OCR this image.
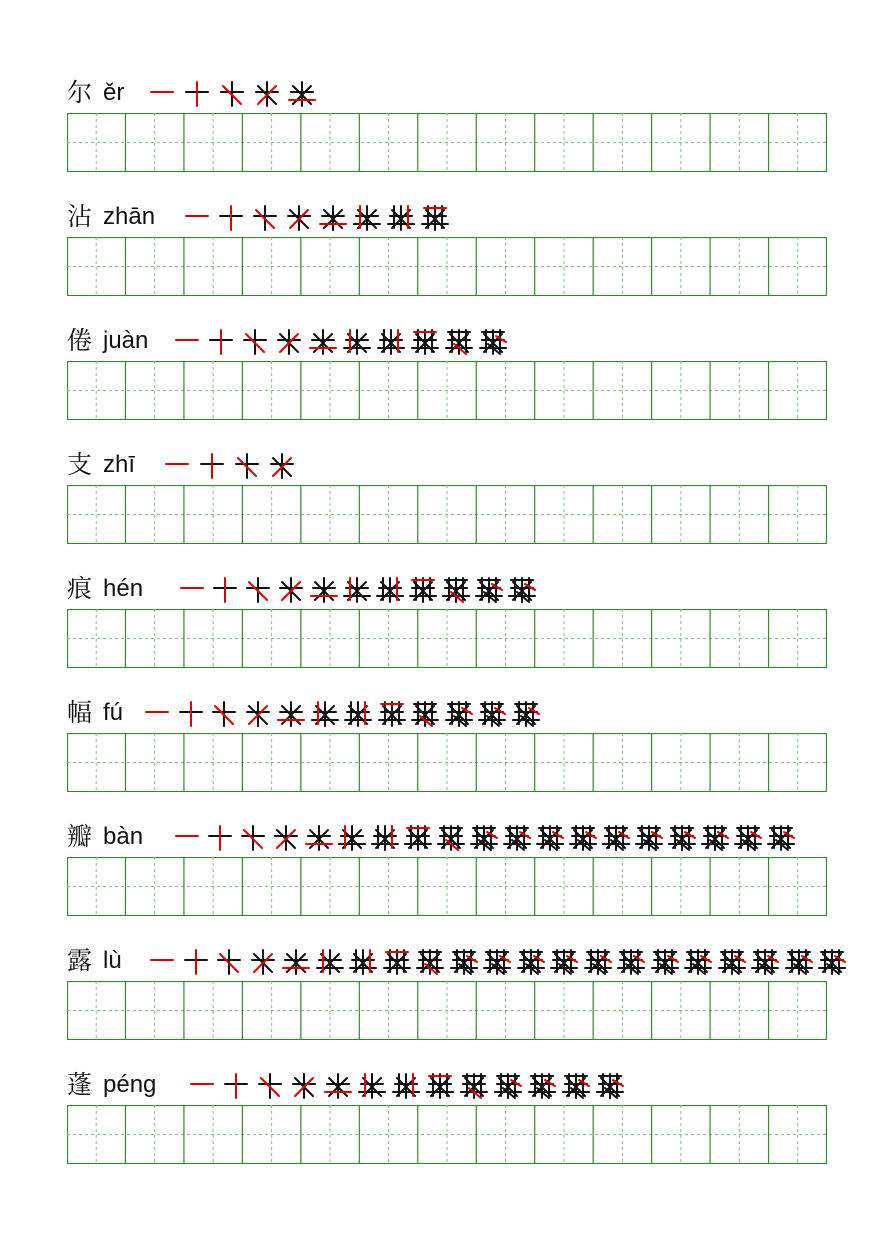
尔 ěr
沾 zhān
倦 juàn
支 zhī
痕 hén
幅 fú
瓣 bàn
露 lù
蓬 péng
